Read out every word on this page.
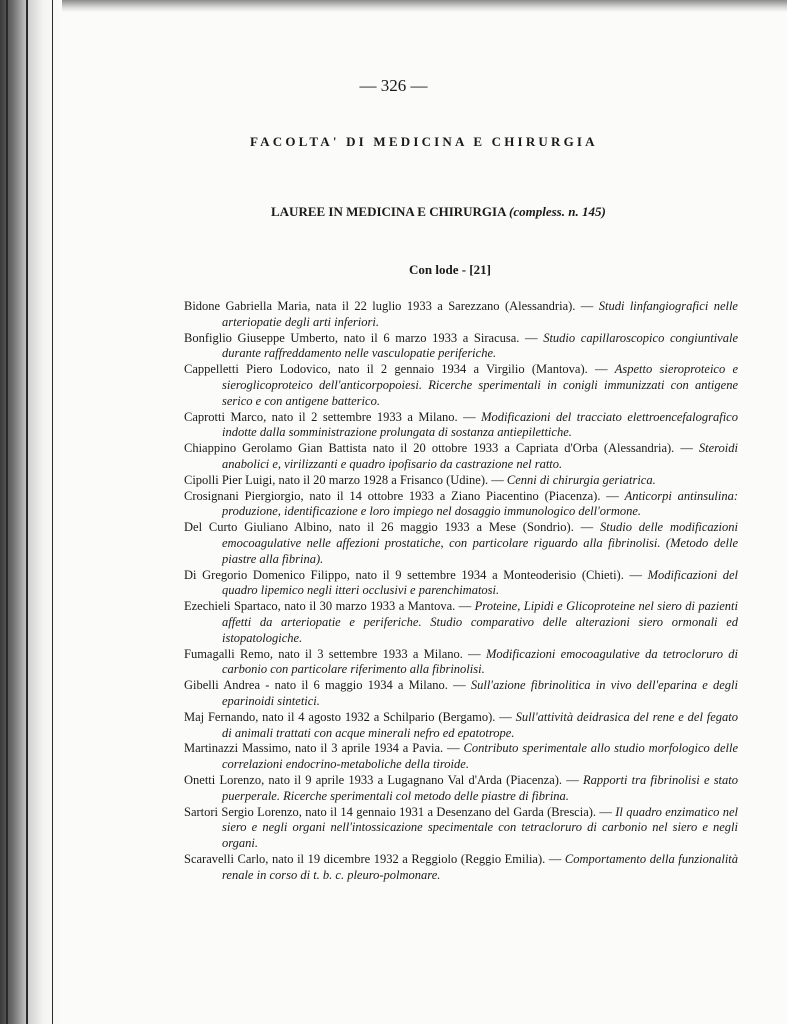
— 326 —
FACOLTA' DI MEDICINA E CHIRURGIA
LAUREE IN MEDICINA E CHIRURGIA (compless. n. 145)
Con lode - [21]

Bidone Gabriella Maria, nata il 22 luglio 1933 a Sarezzano (Alessandria). — Studi linfangiografici nelle arteriopatie degli arti inferiori.

Bonfiglio Giuseppe Umberto, nato il 6 marzo 1933 a Siracusa. — Studio capillaroscopico congiuntivale durante raffreddamento nelle vasculopatie periferiche.

Cappelletti Piero Lodovico, nato il 2 gennaio 1934 a Virgilio (Mantova). — Aspetto sieroproteico e sieroglicoproteico dell'anticorpopoiesi. Ricerche sperimentali in conigli immunizzati con antigene serico e con antigene batterico.

Caprotti Marco, nato il 2 settembre 1933 a Milano. — Modificazioni del tracciato elettroencefalografico indotte dalla somministrazione prolungata di sostanza antiepilettiche.

Chiappino Gerolamo Gian Battista nato il 20 ottobre 1933 a Capriata d'Orba (Alessandria). — Steroidi anabolici e, virilizzanti e quadro ipofisario da castrazione nel ratto.

Cipolli Pier Luigi, nato il 20 marzo 1928 a Frisanco (Udine). — Cenni di chirurgia geriatrica.

Crosignani Piergiorgio, nato il 14 ottobre 1933 a Ziano Piacentino (Piacenza). — Anticorpi antinsulina: produzione, identificazione e loro impiego nel dosaggio immunologico dell'ormone.

Del Curto Giuliano Albino, nato il 26 maggio 1933 a Mese (Sondrio). — Studio delle modificazioni emocoagulative nelle affezioni prostatiche, con particolare riguardo alla fibrinolisi. (Metodo delle piastre alla fibrina).

Di Gregorio Domenico Filippo, nato il 9 settembre 1934 a Monteoderisio (Chieti). — Modificazioni del quadro lipemico negli itteri occlusivi e parenchimatosi.

Ezechieli Spartaco, nato il 30 marzo 1933 a Mantova. — Proteine, Lipidi e Glicoproteine nel siero di pazienti affetti da arteriopatie e periferiche. Studio comparativo delle alterazioni siero ormonali ed istopatologiche.

Fumagalli Remo, nato il 3 settembre 1933 a Milano. — Modificazioni emocoagulative da tetrocloruro di carbonio con particolare riferimento alla fibrinolisi.

Gibelli Andrea - nato il 6 maggio 1934 a Milano. — Sull'azione fibrinolitica in vivo dell'eparina e degli eparinoidi sintetici.

Maj Fernando, nato il 4 agosto 1932 a Schilpario (Bergamo). — Sull'attività deidrasica del rene e del fegato di animali trattati con acque minerali nefro ed epatotrope.

Martinazzi Massimo, nato il 3 aprile 1934 a Pavia. — Contributo sperimentale allo studio morfologico delle correlazioni endocrino-metaboliche della tiroide.

Onetti Lorenzo, nato il 9 aprile 1933 a Lugagnano Val d'Arda (Piacenza). — Rapporti tra fibrinolisi e stato puerperale. Ricerche sperimentali col metodo delle piastre di fibrina.

Sartori Sergio Lorenzo, nato il 14 gennaio 1931 a Desenzano del Garda (Brescia). — Il quadro enzimatico nel siero e negli organi nell'intossicazione specimentale con tetracloruro di carbonio nel siero e negli organi.

Scaravelli Carlo, nato il 19 dicembre 1932 a Reggiolo (Reggio Emilia). — Comportamento della funzionalità renale in corso di t. b. c. pleuro-polmonare.
